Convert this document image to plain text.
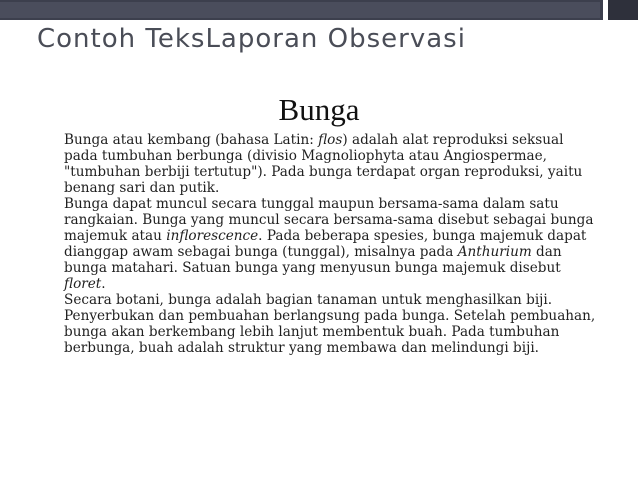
Contoh TeksLaporan Observasi
Bunga

Bunga atau kembang (bahasa Latin: flos) adalah alat reproduksi seksual pada tumbuhan berbunga (divisio Magnoliophyta atau Angiospermae, "tumbuhan berbiji tertutup"). Pada bunga terdapat organ reproduksi, yaitu benang sari dan putik.

Bunga dapat muncul secara tunggal maupun bersama-sama dalam satu rangkaian. Bunga yang muncul secara bersama-sama disebut sebagai bunga majemuk atau inflorescence. Pada beberapa spesies, bunga majemuk dapat dianggap awam sebagai bunga (tunggal), misalnya pada Anthurium dan bunga matahari. Satuan bunga yang menyusun bunga majemuk disebut floret.

Secara botani, bunga adalah bagian tanaman untuk menghasilkan biji. Penyerbukan dan pembuahan berlangsung pada bunga. Setelah pembuahan, bunga akan berkembang lebih lanjut membentuk buah. Pada tumbuhan berbunga, buah adalah struktur yang membawa dan melindungi biji.
